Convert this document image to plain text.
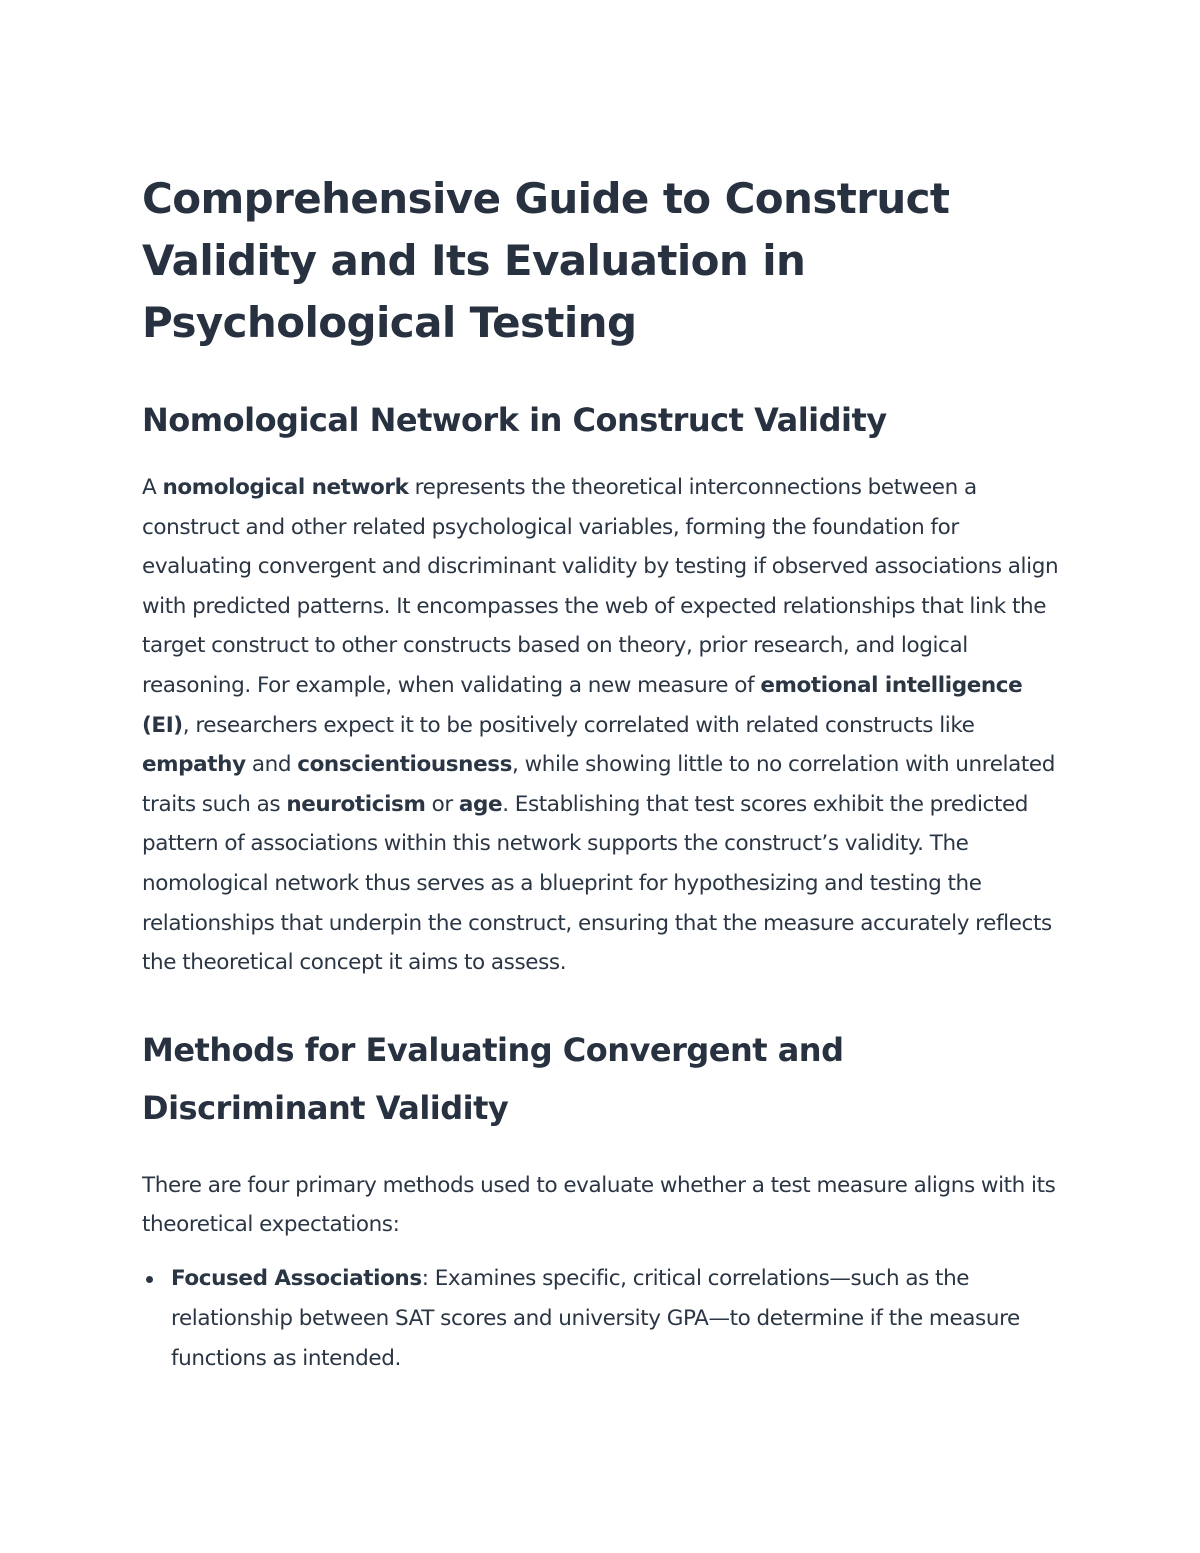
Comprehensive Guide to Construct Validity and Its Evaluation in Psychological Testing
Nomological Network in Construct Validity

A nomological network represents the theoretical interconnections between a construct and other related psychological variables, forming the foundation for evaluating convergent and discriminant validity by testing if observed associations align with predicted patterns. It encompasses the web of expected relationships that link the target construct to other constructs based on theory, prior research, and logical reasoning. For example, when validating a new measure of emotional intelligence (EI), researchers expect it to be positively correlated with related constructs like empathy and conscientiousness, while showing little to no correlation with unrelated traits such as neuroticism or age. Establishing that test scores exhibit the predicted pattern of associations within this network supports the construct’s validity. The nomological network thus serves as a blueprint for hypothesizing and testing the relationships that underpin the construct, ensuring that the measure accurately reflects the theoretical concept it aims to assess.

Methods for Evaluating Convergent and Discriminant Validity

There are four primary methods used to evaluate whether a test measure aligns with its theoretical expectations:

Focused Associations: Examines specific, critical correlations—such as the relationship between SAT scores and university GPA—to determine if the measure functions as intended.
